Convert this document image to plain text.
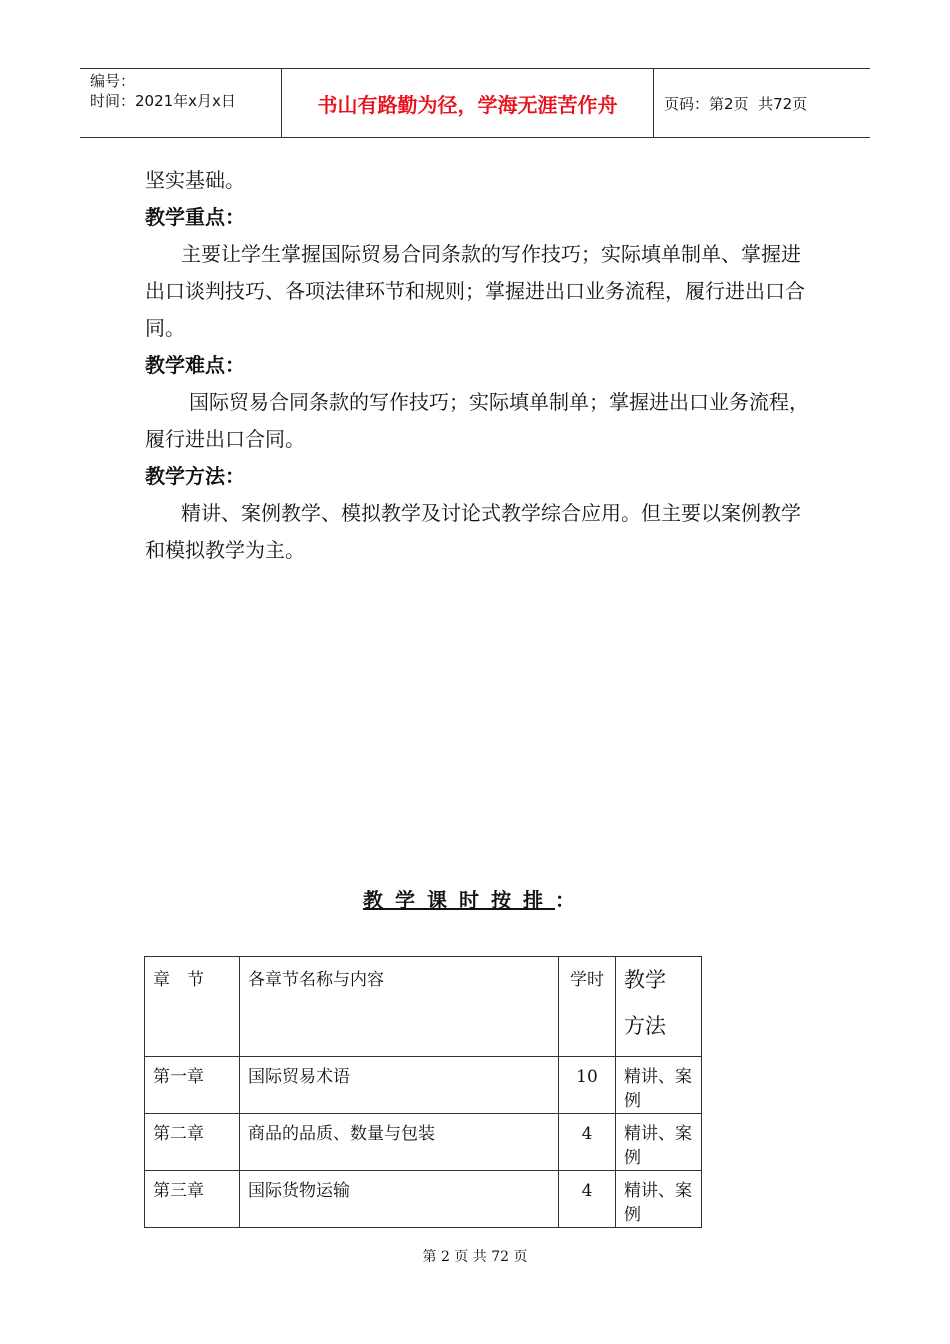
编号：
时间：2021年x月x日	书山有路勤为径，学海无涯苦作舟	页码：第2页  共72页

坚实基础。

教学重点：

主要让学生掌握国际贸易合同条款的写作技巧；实际填单制单、掌握进出口谈判技巧、各项法律环节和规则；掌握进出口业务流程，履行进出口合同。

教学难点：

国际贸易合同条款的写作技巧；实际填单制单；掌握进出口业务流程，履行进出口合同。

教学方法：

精讲、案例教学、模拟教学及讨论式教学综合应用。但主要以案例教学和模拟教学为主。

教学课时按排：
章　节	各章节名称与内容	学时	教学
方法

第一章	国际贸易术语	10	精讲、案例
第二章	商品的品质、数量与包装	4	精讲、案例
第三章	国际货物运输	4	精讲、案例
第 2 页 共 72 页
